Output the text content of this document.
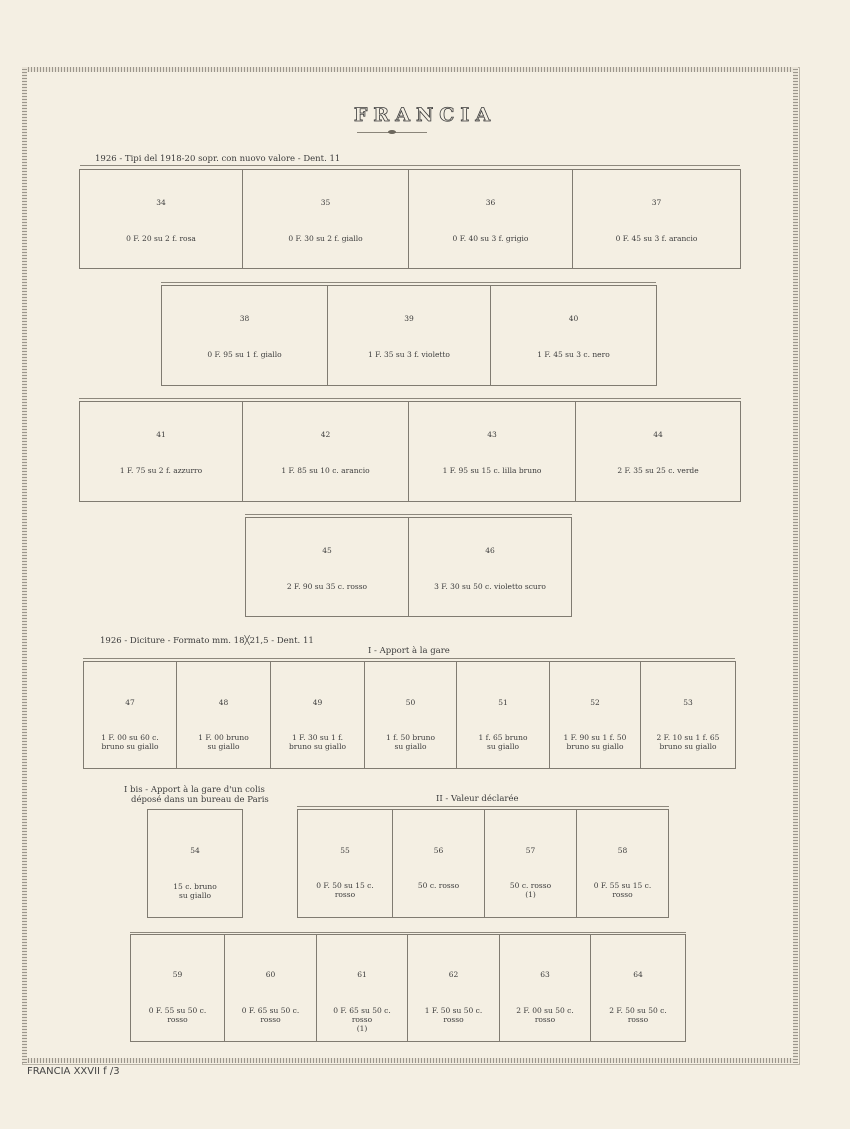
FRANCIA
1926 - Tipi del 1918-20 sopr. con nuovo valore - Dent. 11
34
0 F. 20 su 2 f. rosa
35
0 F. 30 su 2 f. giallo
36
0 F. 40 su 3 f. grigio
37
0 F. 45 su 3 f. arancio
38
0 F. 95 su 1 f. giallo
39
1 F. 35 su 3 f. violetto
40
1 F. 45 su 3 c. nero
41
1 F. 75 su 2 f. azzurro
42
1 F. 85 su 10 c. arancio
43
1 F. 95 su 15 c. lilla bruno
44
2 F. 35 su 25 c. verde
45
2 F. 90 su 35 c. rosso
46
3 F. 30 su 50 c. violetto scuro
1926 - Diciture - Formato mm. 18╳21,5 - Dent. 11
I - Apport à la gare
47
1 F. 00 su 60 c.
bruno su giallo
48
1 F. 00 bruno
su giallo
49
1 F. 30 su 1 f.
bruno su giallo
50
1 f. 50 bruno
su giallo
51
1 f. 65 bruno
su giallo
52
1 F. 90 su 1 f. 50
bruno su giallo
53
2 F. 10 su 1 f. 65
bruno su giallo
I bis - Apport à la gare d'un colis
déposé dans un bureau de Paris
54
15 c. bruno
su giallo
II - Valeur déclarée
55
0 F. 50 su 15 c.
rosso
56
50 c. rosso
57
50 c. rosso
(1)
58
0 F. 55 su 15 c.
rosso
59
0 F. 55 su 50 c.
rosso
60
0 F. 65 su 50 c.
rosso
61
0 F. 65 su 50 c.
rosso
(1)
62
1 F. 50 su 50 c.
rosso
63
2 F. 00 su 50 c.
rosso
64
2 F. 50 su 50 c.
rosso
FRANCIA XXVII f /3
